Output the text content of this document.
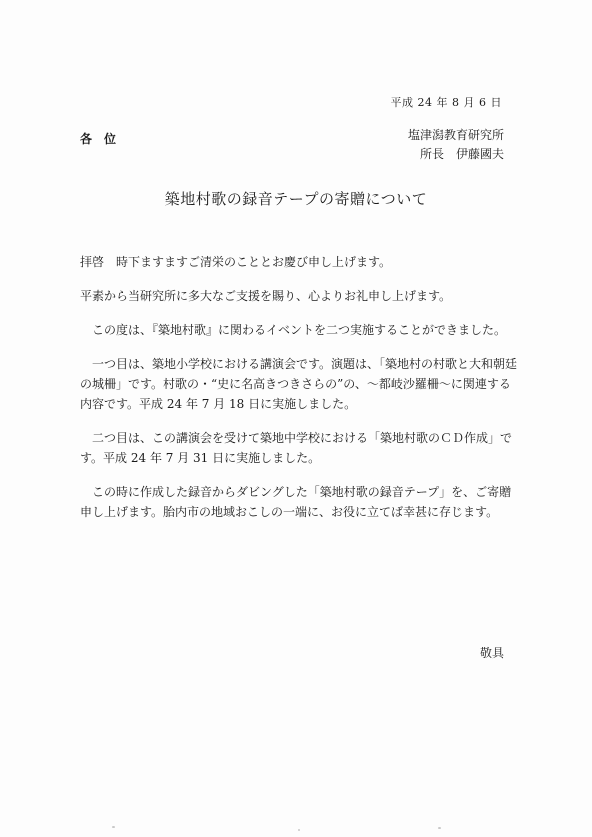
平成 24 年 8 月 6 日
各　位	塩津潟教育研究所
所長　伊藤國夫
築地村歌の録音テープの寄贈について

拝啓　時下ますますご清栄のこととお慶び申し上げます。

平素から当研究所に多大なご支援を賜り、心よりお礼申し上げます。

この度は、『築地村歌』に関わるイベントを二つ実施することができました。

一つ目は、築地小学校における講演会です。演題は、「築地村の村歌と大和朝廷の城柵」です。村歌の・“史に名高きつきさらの”の、～都岐沙羅柵～に関連する内容です。平成 24 年 7 月 18 日に実施しました。

二つ目は、この講演会を受けて築地中学校における「築地村歌のＣＤ作成」です。平成 24 年 7 月 31 日に実施しました。

この時に作成した録音からダビングした「築地村歌の録音テープ」を、ご寄贈申し上げます。胎内市の地域おこしの一端に、お役に立てば幸甚に存じます。

敬具
